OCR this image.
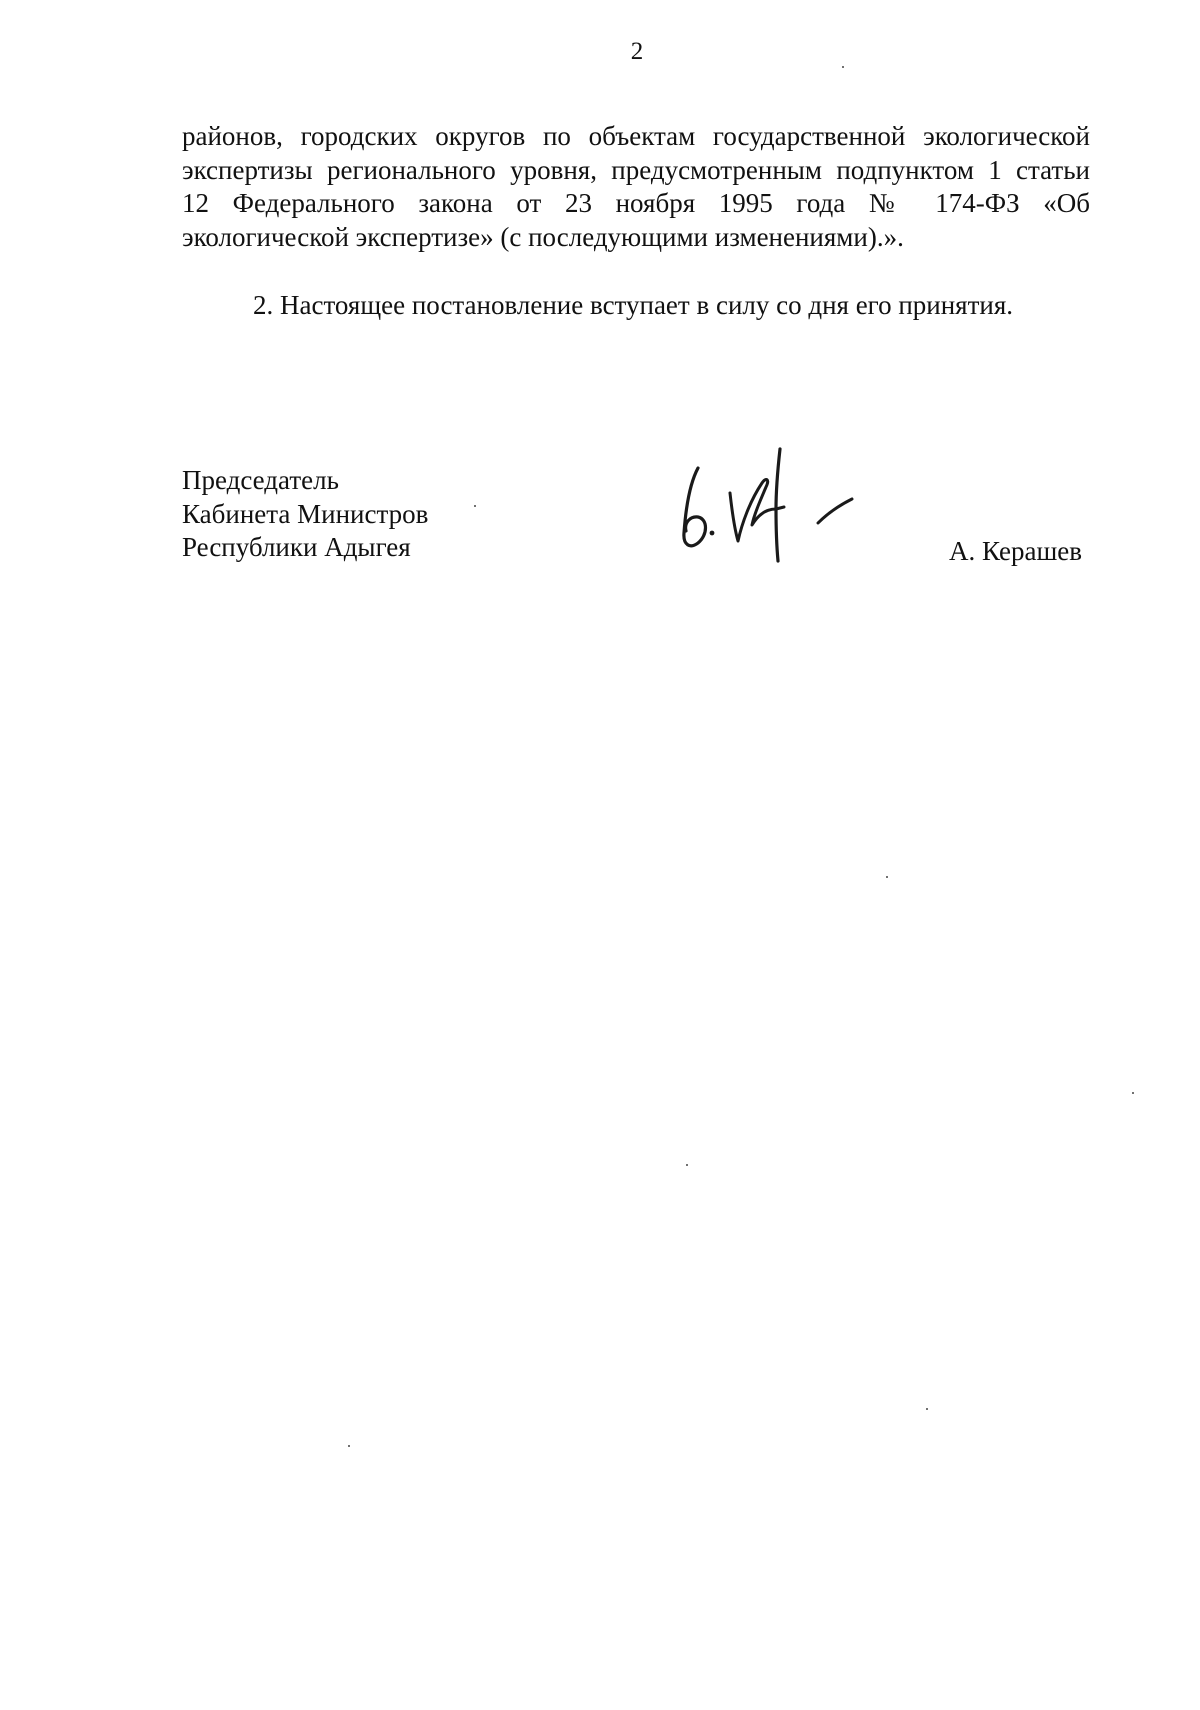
2
районов, городских округов по объектам государственной экологической
экспертизы регионального уровня, предусмотренным подпунктом 1 статьи
12 Федерального закона от 23 ноября 1995 года № 174-ФЗ «Об
экологической экспертизе» (с последующими изменениями).».
2. Настоящее постановление вступает в силу со дня его принятия.
Председатель
Кабинета Министров
Республики Адыгея	А. Керашев
